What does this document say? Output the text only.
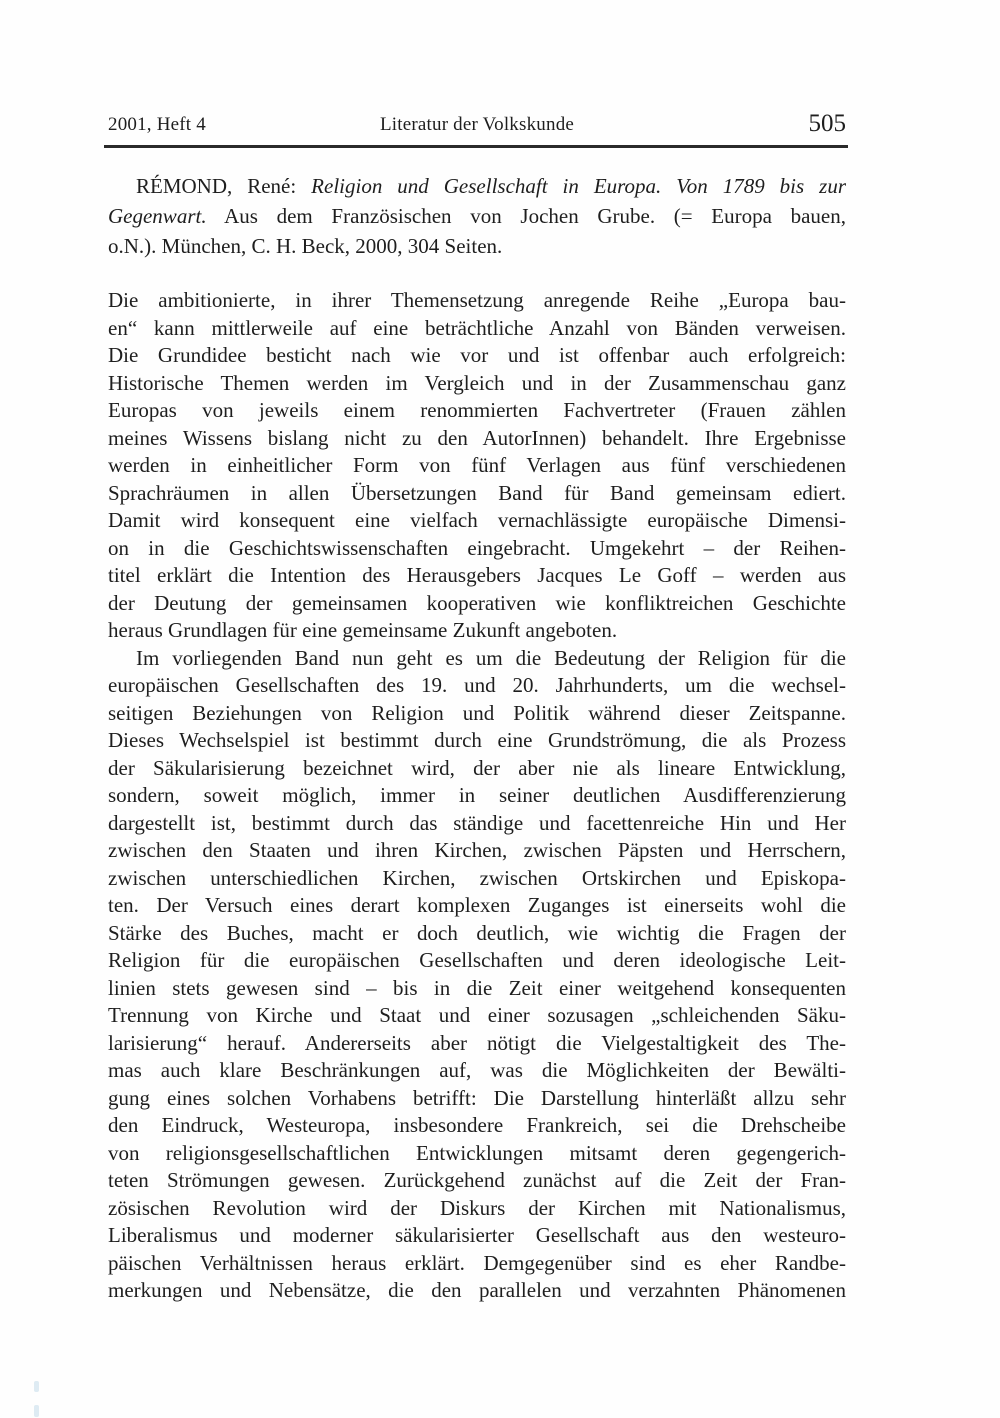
2001, Heft 4	Literatur der Volkskunde	505
RÉMOND, René: Religion und Gesellschaft in Europa. Von 1789 bis zur
Gegenwart. Aus dem Französischen von Jochen Grube. (= Europa bauen,
o.N.). München, C. H. Beck, 2000, 304 Seiten.
Die ambitionierte, in ihrer Themensetzung anregende Reihe „Europa bau-
en“ kann mittlerweile auf eine beträchtliche Anzahl von Bänden verweisen.
Die Grundidee besticht nach wie vor und ist offenbar auch erfolgreich:
Historische Themen werden im Vergleich und in der Zusammenschau ganz
Europas von jeweils einem renommierten Fachvertreter (Frauen zählen
meines Wissens bislang nicht zu den AutorInnen) behandelt. Ihre Ergebnisse
werden in einheitlicher Form von fünf Verlagen aus fünf verschiedenen
Sprachräumen in allen Übersetzungen Band für Band gemeinsam ediert.
Damit wird konsequent eine vielfach vernachlässigte europäische Dimensi-
on in die Geschichtswissenschaften eingebracht. Umgekehrt – der Reihen-
titel erklärt die Intention des Herausgebers Jacques Le Goff – werden aus
der Deutung der gemeinsamen kooperativen wie konfliktreichen Geschichte
heraus Grundlagen für eine gemeinsame Zukunft angeboten.
Im vorliegenden Band nun geht es um die Bedeutung der Religion für die
europäischen Gesellschaften des 19. und 20. Jahrhunderts, um die wechsel-
seitigen Beziehungen von Religion und Politik während dieser Zeitspanne.
Dieses Wechselspiel ist bestimmt durch eine Grundströmung, die als Prozess
der Säkularisierung bezeichnet wird, der aber nie als lineare Entwicklung,
sondern, soweit möglich, immer in seiner deutlichen Ausdifferenzierung
dargestellt ist, bestimmt durch das ständige und facettenreiche Hin und Her
zwischen den Staaten und ihren Kirchen, zwischen Päpsten und Herrschern,
zwischen unterschiedlichen Kirchen, zwischen Ortskirchen und Episkopa-
ten. Der Versuch eines derart komplexen Zuganges ist einerseits wohl die
Stärke des Buches, macht er doch deutlich, wie wichtig die Fragen der
Religion für die europäischen Gesellschaften und deren ideologische Leit-
linien stets gewesen sind – bis in die Zeit einer weitgehend konsequenten
Trennung von Kirche und Staat und einer sozusagen „schleichenden Säku-
larisierung“ herauf. Andererseits aber nötigt die Vielgestaltigkeit des The-
mas auch klare Beschränkungen auf, was die Möglichkeiten der Bewälti-
gung eines solchen Vorhabens betrifft: Die Darstellung hinterläßt allzu sehr
den Eindruck, Westeuropa, insbesondere Frankreich, sei die Drehscheibe
von religionsgesellschaftlichen Entwicklungen mitsamt deren gegengerich-
teten Strömungen gewesen. Zurückgehend zunächst auf die Zeit der Fran-
zösischen Revolution wird der Diskurs der Kirchen mit Nationalismus,
Liberalismus und moderner säkularisierter Gesellschaft aus den westeuro-
päischen Verhältnissen heraus erklärt. Demgegenüber sind es eher Randbe-
merkungen und Nebensätze, die den parallelen und verzahnten Phänomenen
